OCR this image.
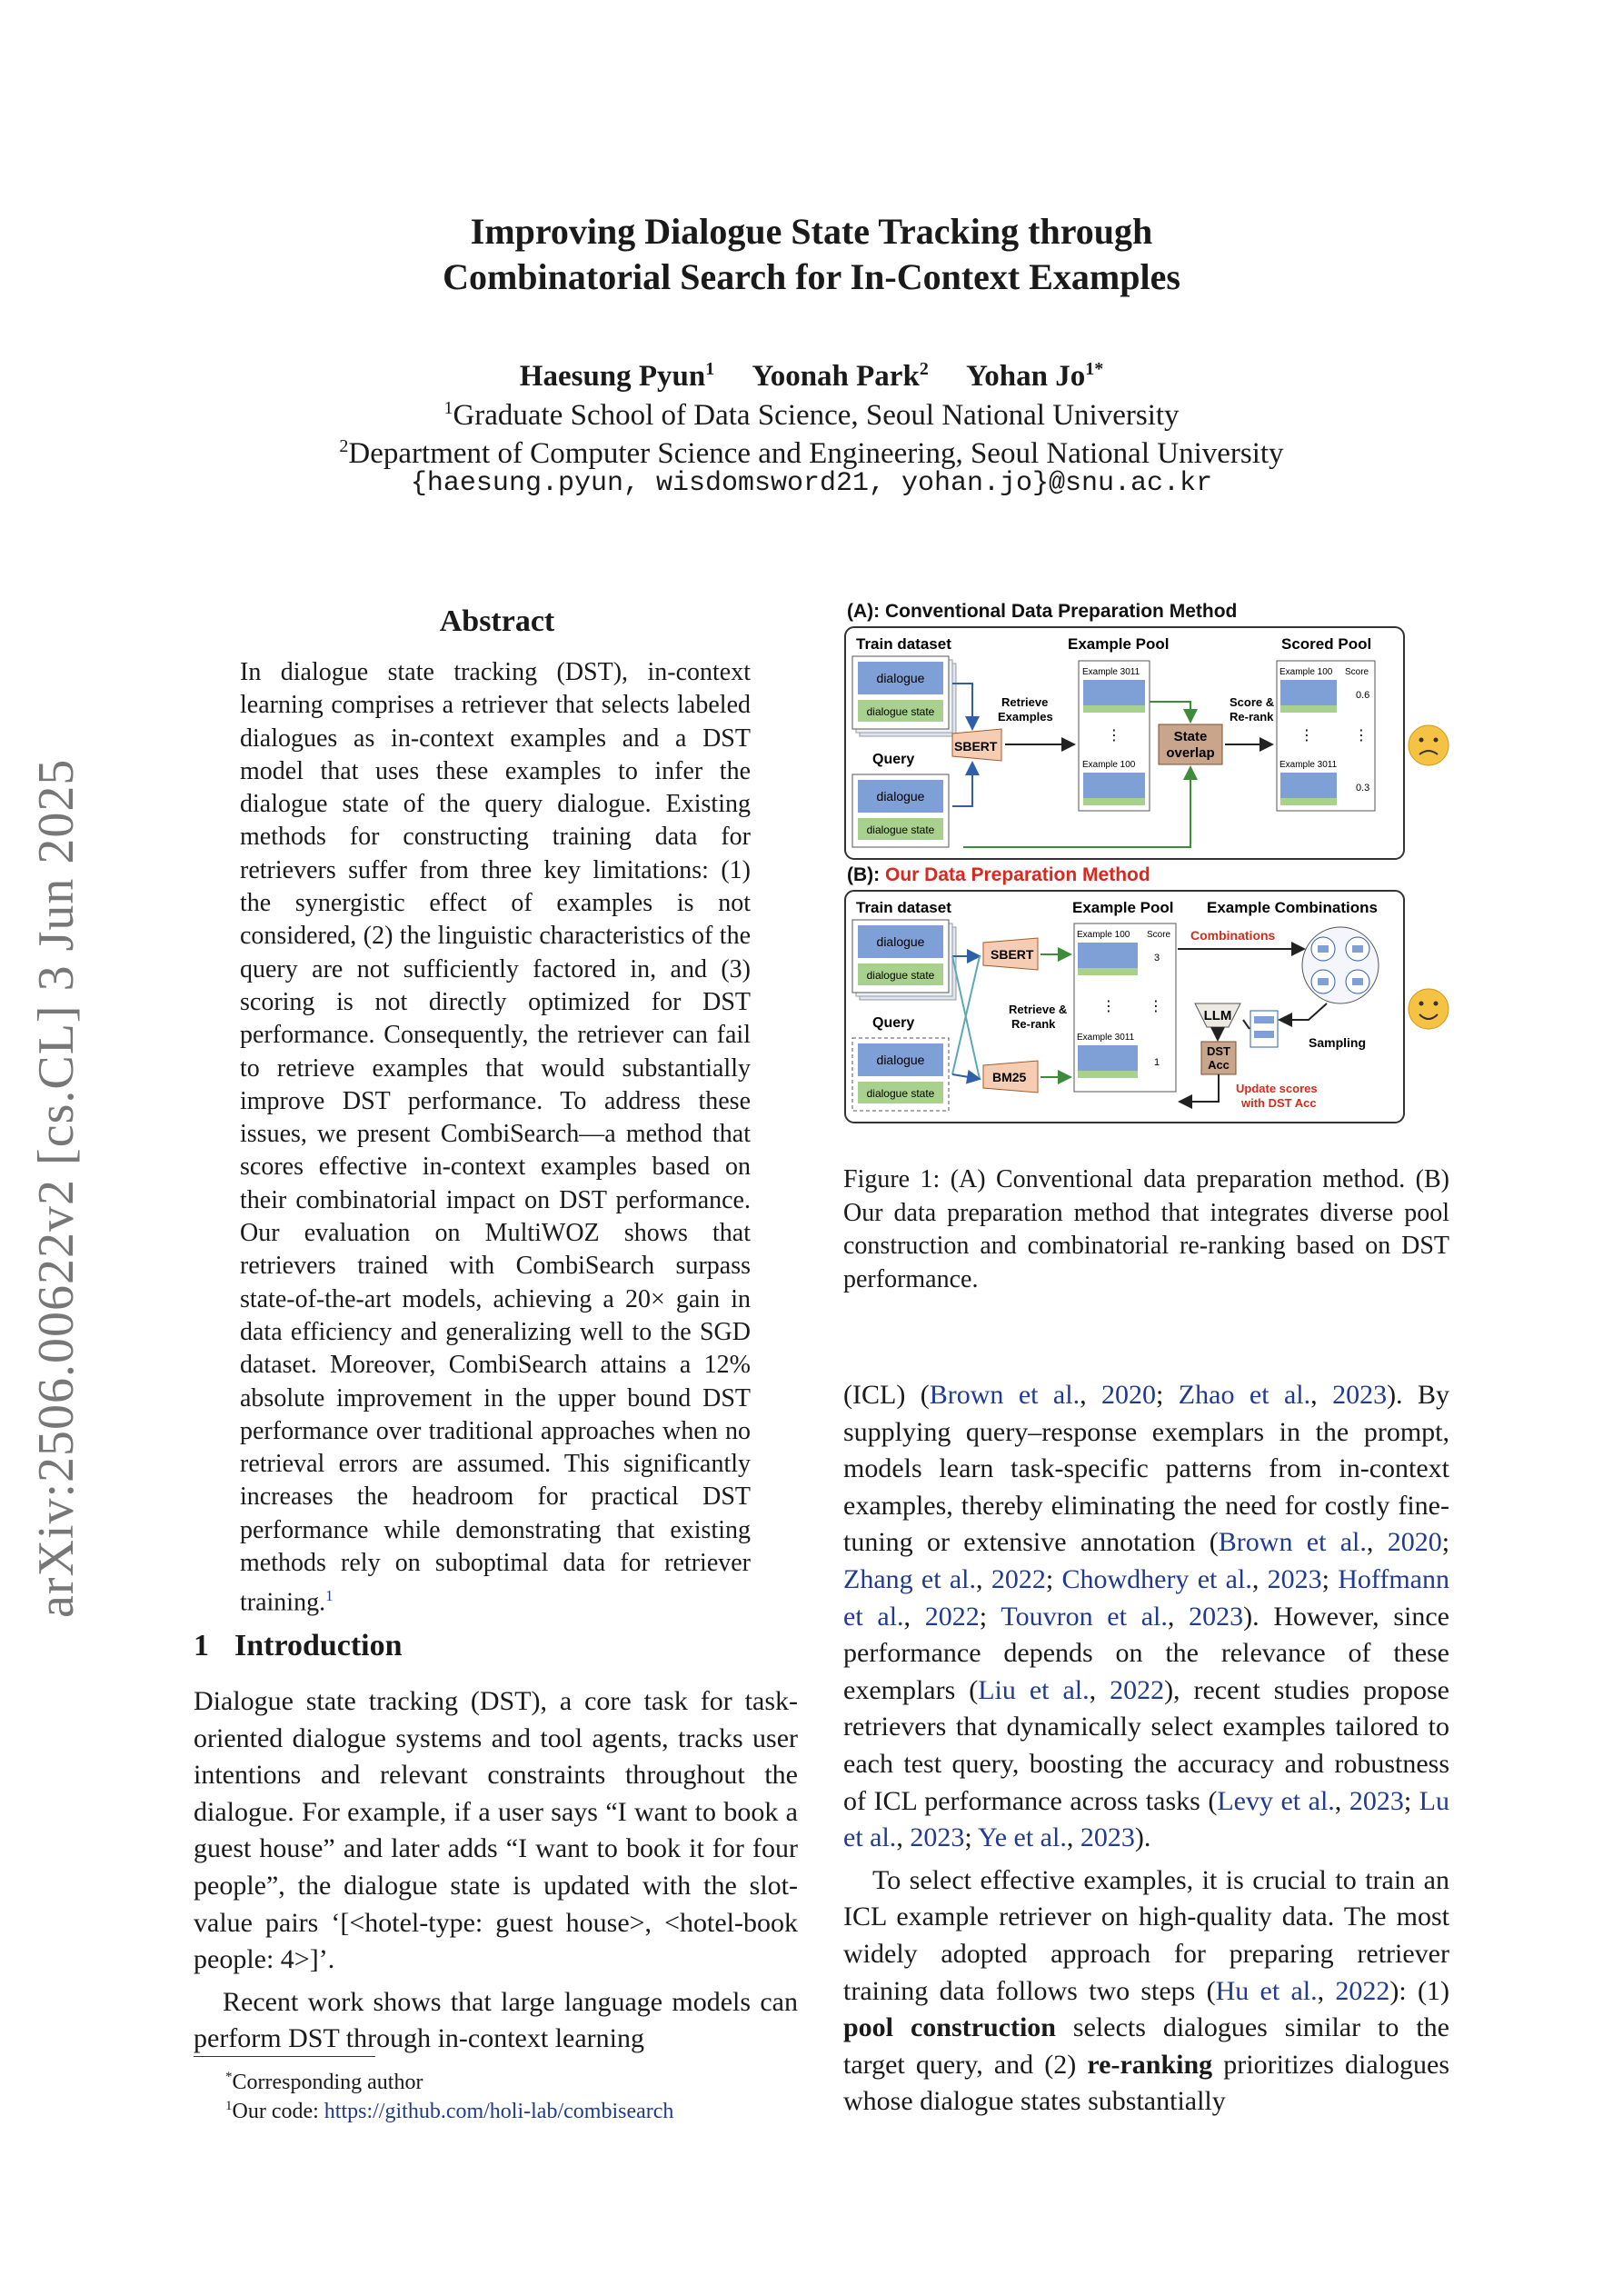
arXiv:2506.00622v2 [cs.CL] 3 Jun 2025
Improving Dialogue State Tracking through
Combinatorial Search for In-Context Examples
Haesung Pyun$^1$ Yoonah Park$^2$ Yohan $Jo^{1*}$
$^1$Graduate School of Data Science, Seoul National University
$^2$Department of Computer Science and Engineering, Seoul National University
{haesung.pyun, wisdomsword21, yohan.jo}@snu.ac.kr
Abstract
In dialogue state tracking (DST), in-context learning comprises a retriever that selects labeled dialogues as in-context examples and a DST model that uses these examples to infer the dialogue state of the query dialogue. Existing methods for constructing training data for retrievers suffer from three key limitations: (1) the synergistic effect of examples is not considered, (2) the linguistic characteristics of the query are not sufficiently factored in, and (3) scoring is not directly optimized for DST performance. Consequently, the retriever can fail to retrieve examples that would substantially improve DST performance. To address these issues, we present CombiSearch—a method that scores effective in-context examples based on their combinatorial impact on DST performance. Our evaluation on MultiWOZ shows that retrievers trained with CombiSearch surpass state-of-the-art models, achieving a 20× gain in data efficiency and generalizing well to the SGD dataset. Moreover, CombiSearch attains a 12% absolute improvement in the upper bound DST performance over traditional approaches when no retrieval errors are assumed. This significantly increases the headroom for practical DST performance while demonstrating that existing methods rely on suboptimal data for retriever training.$^1$
1 Introduction

Dialogue state tracking (DST), a core task for task-oriented dialogue systems and tool agents, tracks user intentions and relevant constraints throughout the dialogue. For example, if a user says “I want to book a guest house” and later adds “I want to book it for four people”, the dialogue state is updated with the slot-value pairs ‘[<hotel-type: guest house>, <hotel-book people: 4>]’.

Recent work shows that large language models can perform DST through in-context learning

*Corresponding author
$^1$Our code: https://github.com/holi-lab/combisearch
(A): Conventional Data Preparation Method
Train dataset	Example Pool	Scored Pool
dialogue
dialogue state
Query
dialogue
dialogue state
SBERT
Retrieve Examples
Example 3011
⋮
Example 100
State overlap
Score & Re-rank
Example 100 Score
0.6
⋮	⋮
Example 3011
0.3
(B): Our Data Preparation Method
Train dataset	Example Pool Example Combinations
dialogue
dialogue state
Query
dialogue
dialogue state
SBERT
BM25
Retrieve & Re-rank
Example 100 Score
3
⋮ ⋮
Example 3011
1
Combinations
LLM
Sampling
DST Acc
Update scores with DST Acc
Figure 1: (A) Conventional data preparation method. (B) Our data preparation method that integrates diverse pool construction and combinatorial re-ranking based on DST performance.

(ICL) (Brown et al., 2020; Zhao et al., 2023). By supplying query–response exemplars in the prompt, models learn task-specific patterns from in-context examples, thereby eliminating the need for costly fine-tuning or extensive annotation (Brown et al., 2020; Zhang et al., 2022; Chowdhery et al., 2023; Hoffmann et al., 2022; Touvron et al., 2023). However, since performance depends on the relevance of these exemplars (Liu et al., 2022), recent studies propose retrievers that dynamically select examples tailored to each test query, boosting the accuracy and robustness of ICL performance across tasks (Levy et al., 2023; Lu et al., 2023; Ye et al., 2023).

To select effective examples, it is crucial to train an ICL example retriever on high-quality data. The most widely adopted approach for preparing retriever training data follows two steps (Hu et al., 2022): (1) pool construction selects dialogues similar to the target query, and (2) re-ranking prioritizes dialogues whose dialogue states substantially
